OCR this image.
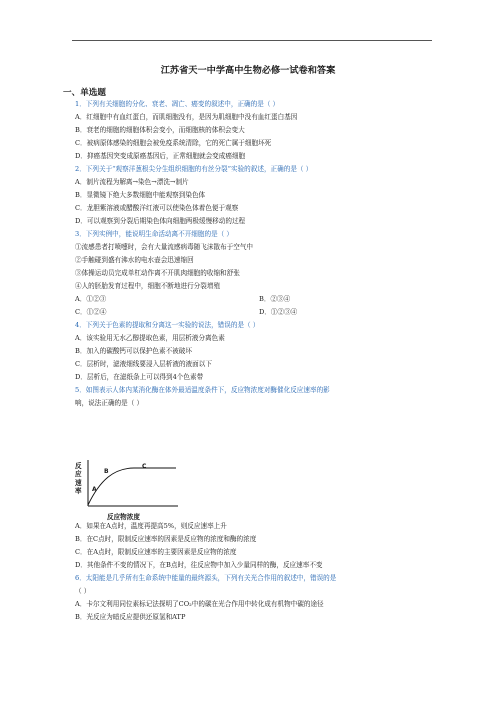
江苏省天一中学高中生物必修一试卷和答案
一、单选题
1．下列有关细胞的分化、衰老、凋亡、癌变的叙述中，正确的是（ ）
A．红细胞中有血红蛋白，而肌细胞没有，是因为肌细胞中没有血红蛋白基因
B．衰老的细胞的细胞体积会变小，而细胞核的体积会变大
C．被病原体感染的细胞会被免疫系统清除，它的死亡属于细胞坏死
D．抑癌基因突变成原癌基因后，正常细胞就会变成癌细胞
2．下列关于“观察洋葱根尖分生组织细胞的有丝分裂”实验的叙述，正确的是（ ）
A．制片流程为解离→染色→漂洗→制片
B．显微镜下绝大多数细胞中能观察到染色体
C．龙胆紫溶液或醋酸洋红液可以使染色体着色便于观察
D．可以观察到分裂后期染色体向细胞两极缓慢移动的过程
3．下列实例中，能说明生命活动离不开细胞的是（ ）
①流感患者打喷嚏时，会有大量流感病毒随飞沫散布于空气中
②手触碰到盛有沸水的电水壶会迅速缩回
③体操运动员完成单杠动作离不开肌肉细胞的收缩和舒张
④人的胚胎发育过程中，细胞不断地进行分裂增殖
A．①②③	B．②③④
C．①②④	D．①②③④
4．下列关于色素的提取和分离这一实验的说法，错误的是（ ）
A．该实验用无水乙醇提取色素，用层析液分离色素
B．加入的碳酸钙可以保护色素不被破坏
C．层析时，滤液细线要浸入层析液的液面以下
D．层析后，在滤纸条上可以得到4个色素带
5．如图表示人体内某消化酶在体外最适温度条件下，反应物浓度对酶催化反应速率的影
响，说法正确的是（ ）
反应速率
反应物浓度
A
B
C
A．如果在A点时，温度再提高5%，则反应速率上升
B．在C点时，限制反应速率的因素是反应物的浓度和酶的浓度
C．在A点时，限制反应速率的主要因素是反应物的浓度
D．其他条件不变的情况下，在B点时，往反应物中加入少量同样的酶，反应速率不变
6．太阳能是几乎所有生命系统中能量的最终源头，下列有关光合作用的叙述中，错误的是
（ ）
A．卡尔文利用同位素标记法探明了CO₂中的碳在光合作用中转化成有机物中碳的途径
B．光反应为暗反应提供还原氢和ATP
